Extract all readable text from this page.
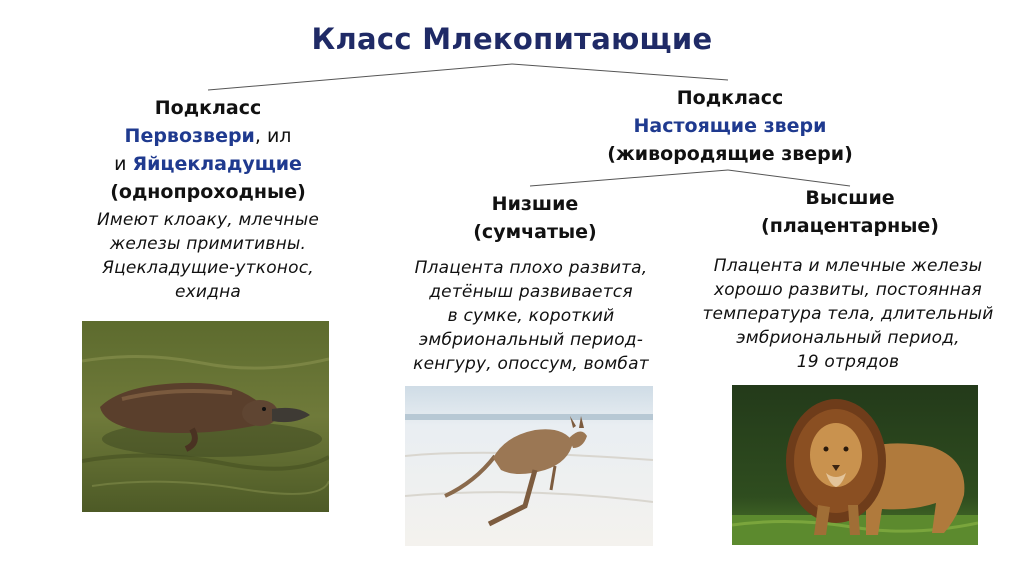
Класс Млекопитающие
Подкласс
Первозвери, ил
и Яйцекладущие
(однопроходные)
Имеют клоаку, млечные
железы примитивны.
Яцекладущие-утконос,
ехидна
Подкласс
Настоящие звери
(живородящие звери)
Низшие
(сумчатые)
Плацента плохо развита,
детёныш развивается
в сумке, короткий
эмбриональный период-
кенгуру, опоссум, вомбат
Высшие
(плацентарные)
Плацента и млечные железы
хорошо развиты, постоянная
температура тела, длительный
эмбриональный период,
19 отрядов
